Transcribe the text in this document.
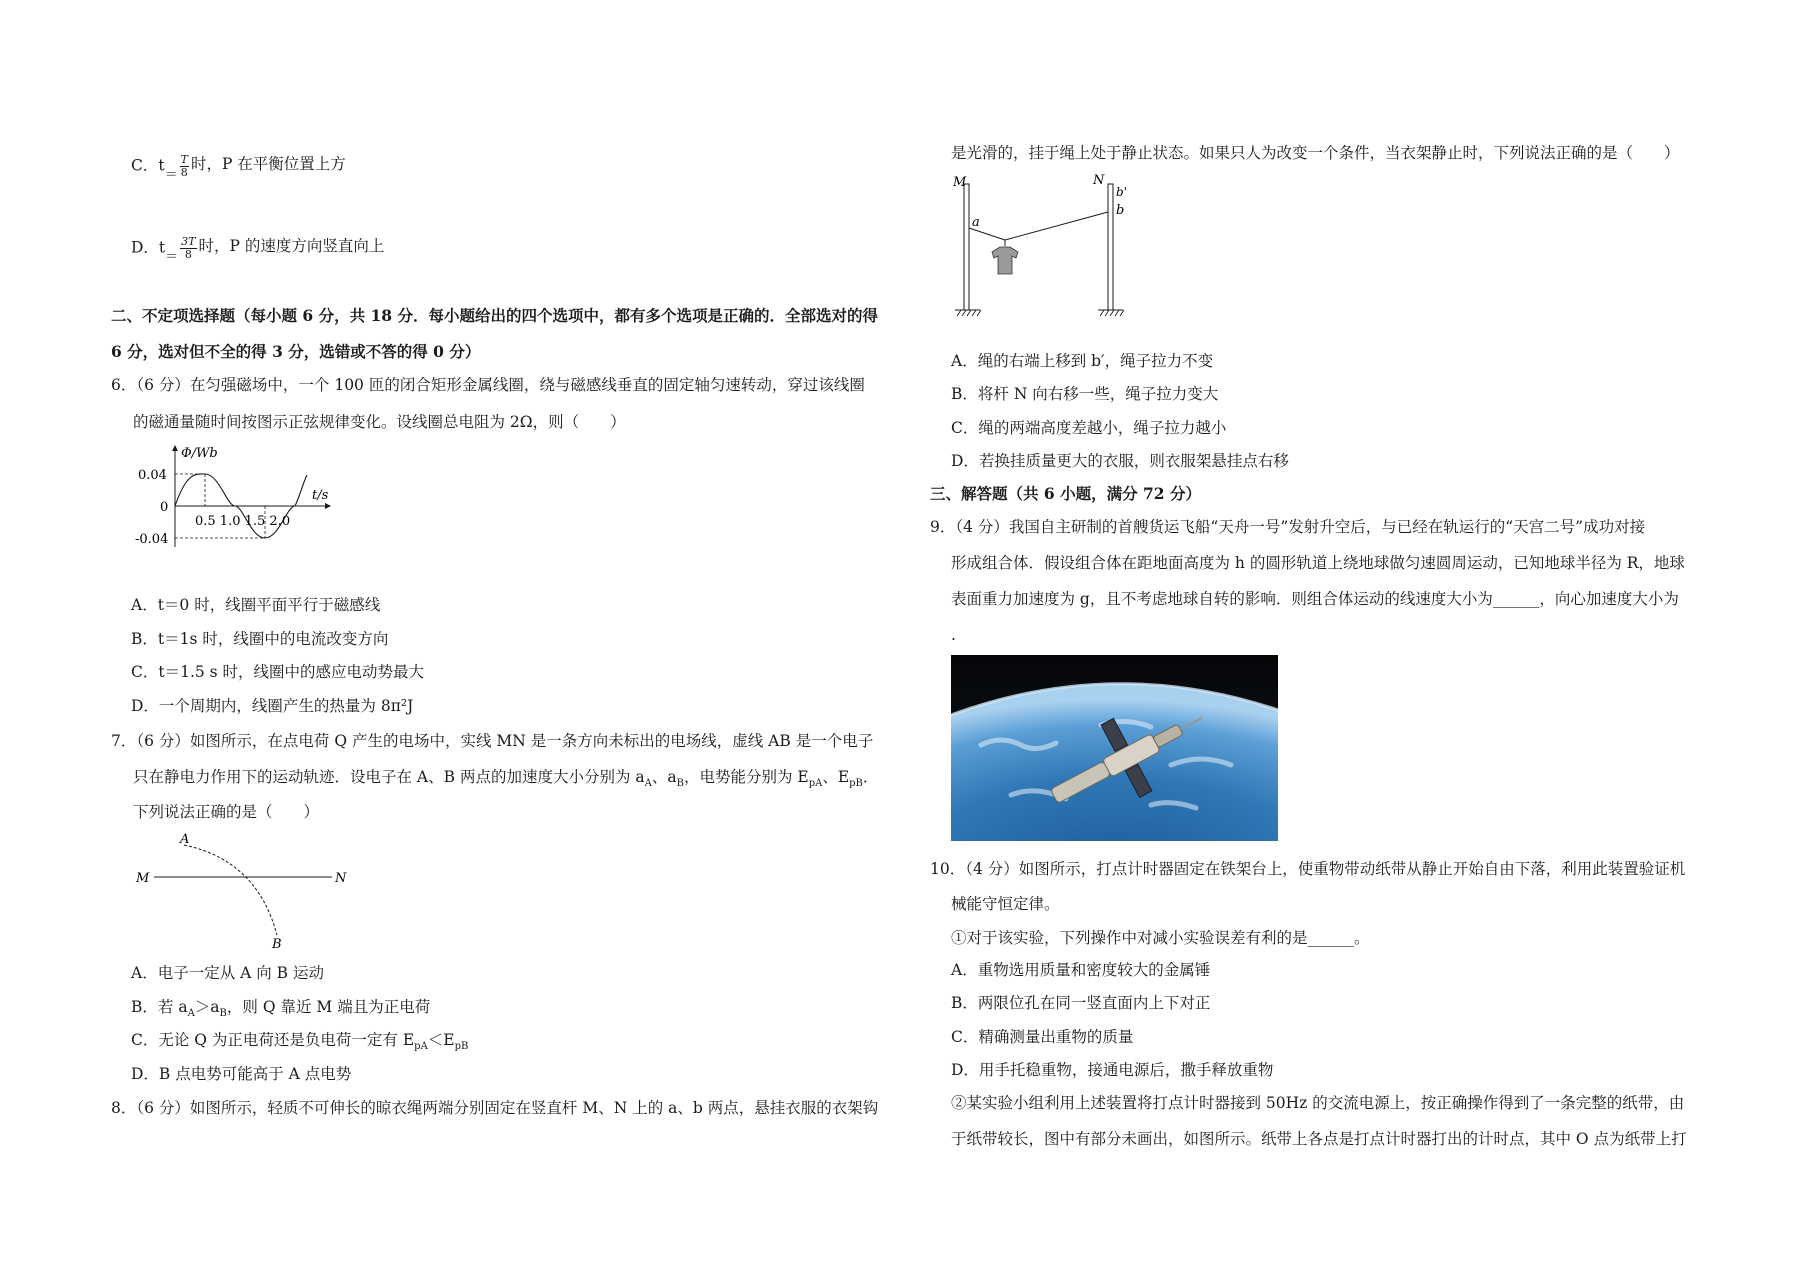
C．$t_= \frac{T}{8}$ 时，P 在平衡位置上方
D．$t_= \frac{3T}{8}$ 时，P 的速度方向竖直向上
二、不定项选择题（每小题 6 分，共 18 分．每小题给出的四个选项中，都有多个选项是正确的．全部选对的得
6 分，选对但不全的得 3 分，选错或不答的得 0 分）
6．（6 分）在匀强磁场中，一个 100 匝的闭合矩形金属线圈，绕与磁感线垂直的固定轴匀速转动，穿过该线圈
的磁通量随时间按图示正弦规律变化。设线圈总电阻为 2Ω，则（　　）
Φ/Wb
t/s
0.04
0
-0.04
0.5 1.0 1.5 2.0
A．t＝0 时，线圈平面平行于磁感线
B．t＝1s 时，线圈中的电流改变方向
C．t＝1.5 s 时，线圈中的感应电动势最大
D．一个周期内，线圈产生的热量为 8π²J
7．（6 分）如图所示，在点电荷 Q 产生的电场中，实线 MN 是一条方向未标出的电场线，虚线 AB 是一个电子
只在静电力作用下的运动轨迹．设电子在 A、B 两点的加速度大小分别为 $a_A$、$a_B$，电势能分别为 $E_{pA}$、$E_{pB}$．
下列说法正确的是（　　）
A
M	N
B
A．电子一定从 A 向 B 运动
B．若 $a_A>a_B$，则 Q 靠近 M 端且为正电荷
C．无论 Q 为正电荷还是负电荷一定有 $E_{pA}<E_{pB}$
D．B 点电势可能高于 A 点电势
8．（6 分）如图所示，轻质不可伸长的晾衣绳两端分别固定在竖直杆 M、N 上的 a、b 两点，悬挂衣服的衣架钩
是光滑的，挂于绳上处于静止状态。如果只人为改变一个条件，当衣架静止时，下列说法正确的是（　　）
M	N
a
b'
b
A．绳的右端上移到 b′，绳子拉力不变
B．将杆 N 向右移一些，绳子拉力变大
C．绳的两端高度差越小，绳子拉力越小
D．若换挂质量更大的衣服，则衣服架悬挂点右移
三、解答题（共 6 小题，满分 72 分）
9．（4 分）我国自主研制的首艘货运飞船“天舟一号”发射升空后，与已经在轨运行的“天宫二号”成功对接
形成组合体．假设组合体在距地面高度为 h 的圆形轨道上绕地球做匀速圆周运动，已知地球半径为 R，地球
表面重力加速度为 g，且不考虑地球自转的影响．则组合体运动的线速度大小为______，向心加速度大小为
.
10．（4 分）如图所示，打点计时器固定在铁架台上，使重物带动纸带从静止开始自由下落，利用此装置验证机
械能守恒定律。
①对于该实验，下列操作中对减小实验误差有利的是______。
A．重物选用质量和密度较大的金属锤
B．两限位孔在同一竖直面内上下对正
C．精确测量出重物的质量
D．用手托稳重物，接通电源后，撒手释放重物
②某实验小组利用上述装置将打点计时器接到 50Hz 的交流电源上，按正确操作得到了一条完整的纸带，由
于纸带较长，图中有部分未画出，如图所示。纸带上各点是打点计时器打出的计时点，其中 O 点为纸带上打
